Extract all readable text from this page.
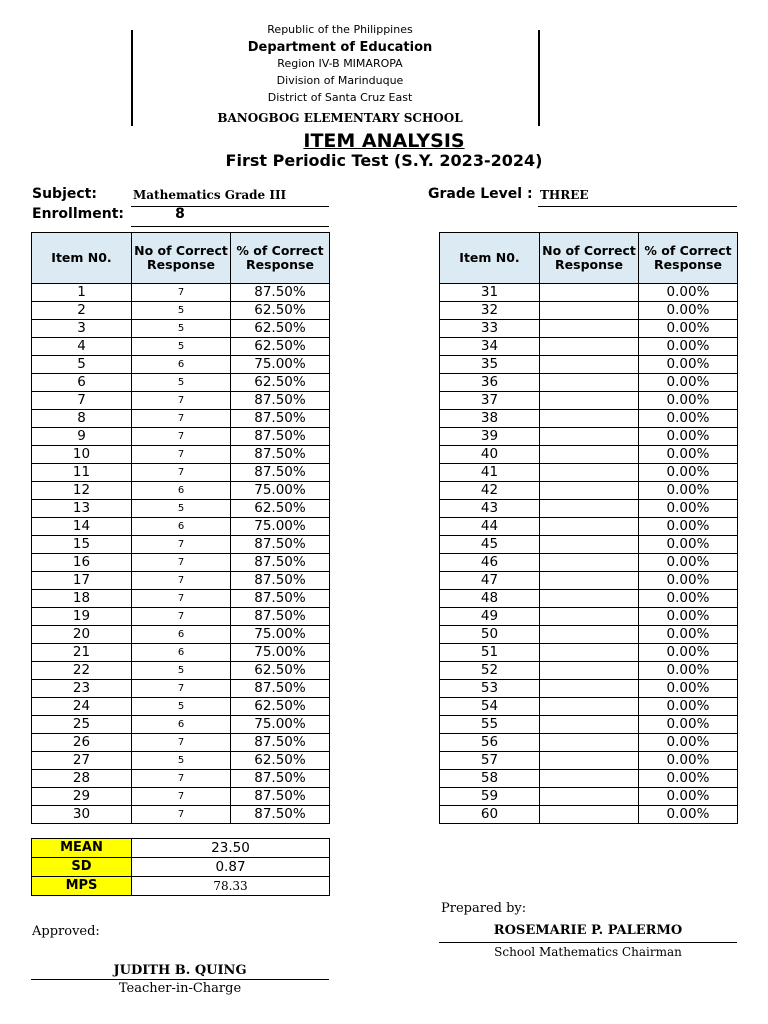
Republic of the Philippines
Department of Education
Region IV-B MIMAROPA
Division of Marinduque
District of Santa Cruz East
BANOGBOG ELEMENTARY SCHOOL
ITEM ANALYSIS
First Periodic Test (S.Y. 2023-2024)
Subject:	Mathematics Grade III
Enrollment:	8
Grade Level : THREE
Item N0.	No of Correct Response	% of Correct Response
1	7	87.50%
2	5	62.50%
3	5	62.50%
4	5	62.50%
5	6	75.00%
6	5	62.50%
7	7	87.50%
8	7	87.50%
9	7	87.50%
10	7	87.50%
11	7	87.50%
12	6	75.00%
13	5	62.50%
14	6	75.00%
15	7	87.50%
16	7	87.50%
17	7	87.50%
18	7	87.50%
19	7	87.50%
20	6	75.00%
21	6	75.00%
22	5	62.50%
23	7	87.50%
24	5	62.50%
25	6	75.00%
26	7	87.50%
27	5	62.50%
28	7	87.50%
29	7	87.50%
30	7	87.50%
Item N0.	No of Correct Response	% of Correct Response
31		0.00%
32		0.00%
33		0.00%
34		0.00%
35		0.00%
36		0.00%
37		0.00%
38		0.00%
39		0.00%
40		0.00%
41		0.00%
42		0.00%
43		0.00%
44		0.00%
45		0.00%
46		0.00%
47		0.00%
48		0.00%
49		0.00%
50		0.00%
51		0.00%
52		0.00%
53		0.00%
54		0.00%
55		0.00%
56		0.00%
57		0.00%
58		0.00%
59		0.00%
60		0.00%
MEAN	23.50
SD	0.87
MPS	78.33
Prepared by:
ROSEMARIE P. PALERMO
School Mathematics Chairman
Approved:
JUDITH B. QUING
Teacher-in-Charge
